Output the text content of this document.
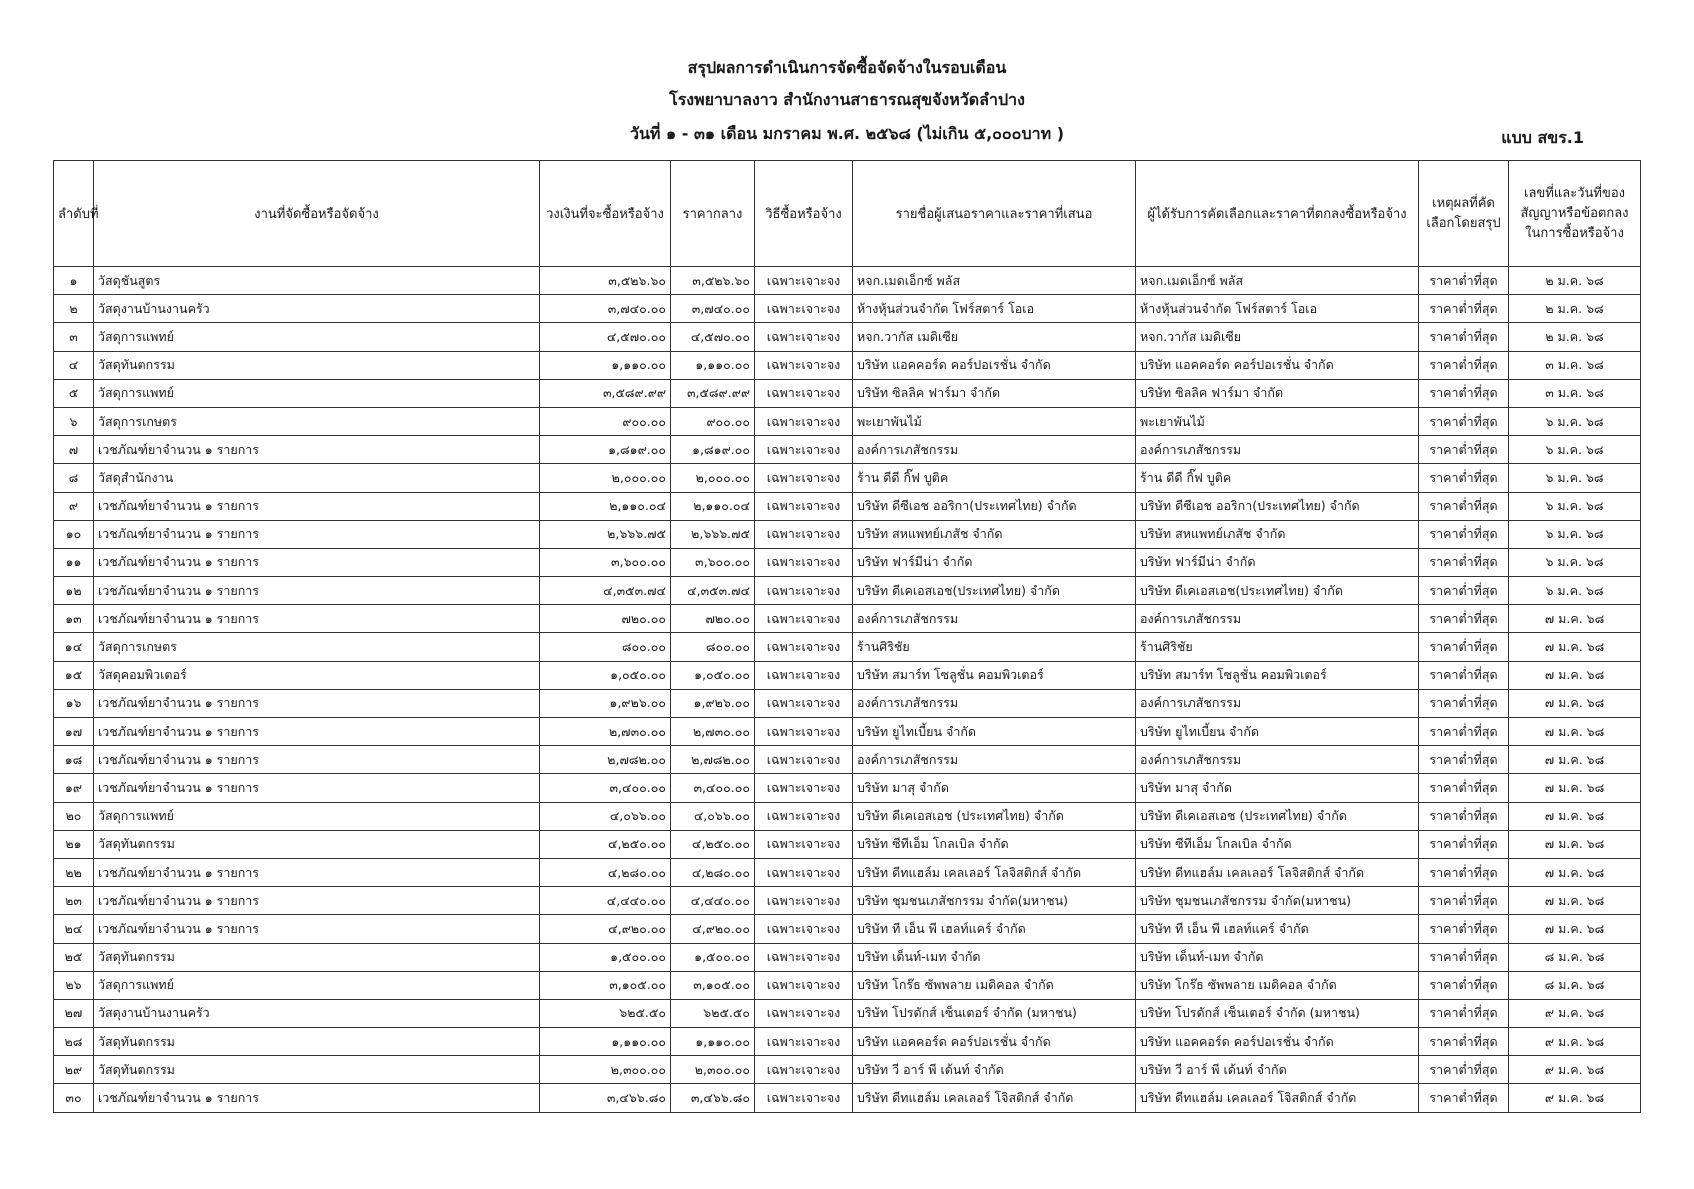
สรุปผลการดำเนินการจัดซื้อจัดจ้างในรอบเดือน
โรงพยาบาลงาว สำนักงานสาธารณสุขจังหวัดลำปาง
วันที่ ๑ - ๓๑ เดือน มกราคม พ.ศ. ๒๕๖๘ (ไม่เกิน ๕,๐๐๐บาท )	แบบ สขร.1
ลำดับที่	งานที่จัดซื้อหรือจัดจ้าง	วงเงินที่จะซื้อหรือจ้าง	ราคากลาง	วิธีซื้อหรือจ้าง	รายชื่อผู้เสนอราคาและราคาที่เสนอ	ผู้ได้รับการคัดเลือกและราคาที่ตกลงซื้อหรือจ้าง	เหตุผลที่คัดเลือกโดยสรุป	เลขที่และวันที่ของสัญญาหรือข้อตกลงในการซื้อหรือจ้าง
๑	วัสดุชันสูตร	๓,๕๒๖.๖๐	๓,๕๒๖.๖๐	เฉพาะเจาะจง	หจก.เมดเอ็กซ์ พลัส	หจก.เมดเอ็กซ์ พลัส	ราคาต่ำที่สุด	๒ ม.ค. ๖๘
๒	วัสดุงานบ้านงานครัว	๓,๗๔๐.๐๐	๓,๗๔๐.๐๐	เฉพาะเจาะจง	ห้างหุ้นส่วนจำกัด โฟร์สตาร์ โอเอ	ห้างหุ้นส่วนจำกัด โฟร์สตาร์ โอเอ	ราคาต่ำที่สุด	๒ ม.ค. ๖๘
๓	วัสดุการแพทย์	๔,๕๗๐.๐๐	๔,๕๗๐.๐๐	เฉพาะเจาะจง	หจก.วากัส เมดิเซีย	หจก.วากัส เมดิเซีย	ราคาต่ำที่สุด	๒ ม.ค. ๖๘
๔	วัสดุทันตกรรม	๑,๑๑๐.๐๐	๑,๑๑๐.๐๐	เฉพาะเจาะจง	บริษัท แอคคอร์ด คอร์ปอเรชั่น จำกัด	บริษัท แอคคอร์ด คอร์ปอเรชั่น จำกัด	ราคาต่ำที่สุด	๓ ม.ค. ๖๘
๕	วัสดุการแพทย์	๓,๕๘๙.๙๙	๓,๕๘๙.๙๙	เฉพาะเจาะจง	บริษัท ซิลลิค ฟาร์มา จำกัด	บริษัท ซิลลิค ฟาร์มา จำกัด	ราคาต่ำที่สุด	๓ ม.ค. ๖๘
๖	วัสดุการเกษตร	๙๐๐.๐๐	๙๐๐.๐๐	เฉพาะเจาะจง	พะเยาพันไม้	พะเยาพันไม้	ราคาต่ำที่สุด	๖ ม.ค. ๖๘
๗	เวชภัณฑ์ยาจำนวน ๑ รายการ	๑,๘๑๙.๐๐	๑,๘๑๙.๐๐	เฉพาะเจาะจง	องค์การเภสัชกรรม	องค์การเภสัชกรรม	ราคาต่ำที่สุด	๖ ม.ค. ๖๘
๘	วัสดุสำนักงาน	๒,๐๐๐.๐๐	๒,๐๐๐.๐๐	เฉพาะเจาะจง	ร้าน ดีดี กิ๊ฟ บูติค	ร้าน ดีดี กิ๊ฟ บูติค	ราคาต่ำที่สุด	๖ ม.ค. ๖๘
๙	เวชภัณฑ์ยาจำนวน ๑ รายการ	๒,๑๑๐.๐๔	๒,๑๑๐.๐๔	เฉพาะเจาะจง	บริษัท ดีซีเอช ออริกา(ประเทศไทย) จำกัด	บริษัท ดีซีเอช ออริกา(ประเทศไทย) จำกัด	ราคาต่ำที่สุด	๖ ม.ค. ๖๘
๑๐	เวชภัณฑ์ยาจำนวน ๑ รายการ	๒,๖๖๖.๗๕	๒,๖๖๖.๗๕	เฉพาะเจาะจง	บริษัท สหแพทย์เภสัช จำกัด	บริษัท สหแพทย์เภสัช จำกัด	ราคาต่ำที่สุด	๖ ม.ค. ๖๘
๑๑	เวชภัณฑ์ยาจำนวน ๑ รายการ	๓,๖๐๐.๐๐	๓,๖๐๐.๐๐	เฉพาะเจาะจง	บริษัท ฟาร์มีน่า จำกัด	บริษัท ฟาร์มีน่า จำกัด	ราคาต่ำที่สุด	๖ ม.ค. ๖๘
๑๒	เวชภัณฑ์ยาจำนวน ๑ รายการ	๔,๓๕๓.๗๔	๔,๓๕๓.๗๔	เฉพาะเจาะจง	บริษัท ดีเคเอสเอช(ประเทศไทย) จำกัด	บริษัท ดีเคเอสเอช(ประเทศไทย) จำกัด	ราคาต่ำที่สุด	๖ ม.ค. ๖๘
๑๓	เวชภัณฑ์ยาจำนวน ๑ รายการ	๗๒๐.๐๐	๗๒๐.๐๐	เฉพาะเจาะจง	องค์การเภสัชกรรม	องค์การเภสัชกรรม	ราคาต่ำที่สุด	๗ ม.ค. ๖๘
๑๔	วัสดุการเกษตร	๘๐๐.๐๐	๘๐๐.๐๐	เฉพาะเจาะจง	ร้านศิริชัย	ร้านศิริชัย	ราคาต่ำที่สุด	๗ ม.ค. ๖๘
๑๕	วัสดุคอมพิวเตอร์	๑,๐๕๐.๐๐	๑,๐๕๐.๐๐	เฉพาะเจาะจง	บริษัท สมาร์ท โซลูชั่น คอมพิวเตอร์	บริษัท สมาร์ท โซลูชั่น คอมพิวเตอร์	ราคาต่ำที่สุด	๗ ม.ค. ๖๘
๑๖	เวชภัณฑ์ยาจำนวน ๑ รายการ	๑,๙๒๖.๐๐	๑,๙๒๖.๐๐	เฉพาะเจาะจง	องค์การเภสัชกรรม	องค์การเภสัชกรรม	ราคาต่ำที่สุด	๗ ม.ค. ๖๘
๑๗	เวชภัณฑ์ยาจำนวน ๑ รายการ	๒,๗๓๐.๐๐	๒,๗๓๐.๐๐	เฉพาะเจาะจง	บริษัท ยูไทเบี้ยน จำกัด	บริษัท ยูไทเบี้ยน จำกัด	ราคาต่ำที่สุด	๗ ม.ค. ๖๘
๑๘	เวชภัณฑ์ยาจำนวน ๑ รายการ	๒,๗๘๒.๐๐	๒,๗๘๒.๐๐	เฉพาะเจาะจง	องค์การเภสัชกรรม	องค์การเภสัชกรรม	ราคาต่ำที่สุด	๗ ม.ค. ๖๘
๑๙	เวชภัณฑ์ยาจำนวน ๑ รายการ	๓,๔๐๐.๐๐	๓,๔๐๐.๐๐	เฉพาะเจาะจง	บริษัท มาสุ จำกัด	บริษัท มาสุ จำกัด	ราคาต่ำที่สุด	๗ ม.ค. ๖๘
๒๐	วัสดุการแพทย์	๔,๐๖๖.๐๐	๔,๐๖๖.๐๐	เฉพาะเจาะจง	บริษัท ดีเคเอสเอช (ประเทศไทย) จำกัด	บริษัท ดีเคเอสเอช (ประเทศไทย) จำกัด	ราคาต่ำที่สุด	๗ ม.ค. ๖๘
๒๑	วัสดุทันตกรรม	๔,๒๕๐.๐๐	๔,๒๕๐.๐๐	เฉพาะเจาะจง	บริษัท ซีทีเอ็ม โกลเบิล จำกัด	บริษัท ซีทีเอ็ม โกลเบิล จำกัด	ราคาต่ำที่สุด	๗ ม.ค. ๖๘
๒๒	เวชภัณฑ์ยาจำนวน ๑ รายการ	๔,๒๘๐.๐๐	๔,๒๘๐.๐๐	เฉพาะเจาะจง	บริษัท ดีทแฮล์ม เคลเลอร์ โลจิสติกส์ จำกัด	บริษัท ดีทแฮล์ม เคลเลอร์ โลจิสติกส์ จำกัด	ราคาต่ำที่สุด	๗ ม.ค. ๖๘
๒๓	เวชภัณฑ์ยาจำนวน ๑ รายการ	๔,๔๔๐.๐๐	๔,๔๔๐.๐๐	เฉพาะเจาะจง	บริษัท ชุมชนเภสัชกรรม จำกัด(มหาชน)	บริษัท ชุมชนเภสัชกรรม จำกัด(มหาชน)	ราคาต่ำที่สุด	๗ ม.ค. ๖๘
๒๔	เวชภัณฑ์ยาจำนวน ๑ รายการ	๔,๙๒๐.๐๐	๔,๙๒๐.๐๐	เฉพาะเจาะจง	บริษัท ที เอ็น พี เฮลท์แคร์ จำกัด	บริษัท ที เอ็น พี เฮลท์แคร์ จำกัด	ราคาต่ำที่สุด	๗ ม.ค. ๖๘
๒๕	วัสดุทันตกรรม	๑,๕๐๐.๐๐	๑,๕๐๐.๐๐	เฉพาะเจาะจง	บริษัท เด็นท์-เมท จำกัด	บริษัท เด็นท์-เมท จำกัด	ราคาต่ำที่สุด	๘ ม.ค. ๖๘
๒๖	วัสดุการแพทย์	๓,๑๐๕.๐๐	๓,๑๐๕.๐๐	เฉพาะเจาะจง	บริษัท โกร๊ธ ซัพพลาย เมดิคอล จำกัด	บริษัท โกร๊ธ ซัพพลาย เมดิคอล จำกัด	ราคาต่ำที่สุด	๘ ม.ค. ๖๘
๒๗	วัสดุงานบ้านงานครัว	๖๒๕.๕๐	๖๒๕.๕๐	เฉพาะเจาะจง	บริษัท โปรดักส์ เซ็นเตอร์ จำกัด (มหาชน)	บริษัท โปรดักส์ เซ็นเตอร์ จำกัด (มหาชน)	ราคาต่ำที่สุด	๙ ม.ค. ๖๘
๒๘	วัสดุทันตกรรม	๑,๑๑๐.๐๐	๑,๑๑๐.๐๐	เฉพาะเจาะจง	บริษัท แอคคอร์ด คอร์ปอเรชั่น จำกัด	บริษัท แอคคอร์ด คอร์ปอเรชั่น จำกัด	ราคาต่ำที่สุด	๙ ม.ค. ๖๘
๒๙	วัสดุทันตกรรม	๒,๓๐๐.๐๐	๒,๓๐๐.๐๐	เฉพาะเจาะจง	บริษัท วี อาร์ พี เด้นท์ จำกัด	บริษัท วี อาร์ พี เด้นท์ จำกัด	ราคาต่ำที่สุด	๙ ม.ค. ๖๘
๓๐	เวชภัณฑ์ยาจำนวน ๑ รายการ	๓,๔๖๖.๘๐	๓,๔๖๖.๘๐	เฉพาะเจาะจง	บริษัท ดีทแฮล์ม เคลเลอร์ โจิสติกส์ จำกัด	บริษัท ดีทแฮล์ม เคลเลอร์ โจิสติกส์ จำกัด	ราคาต่ำที่สุด	๙ ม.ค. ๖๘
